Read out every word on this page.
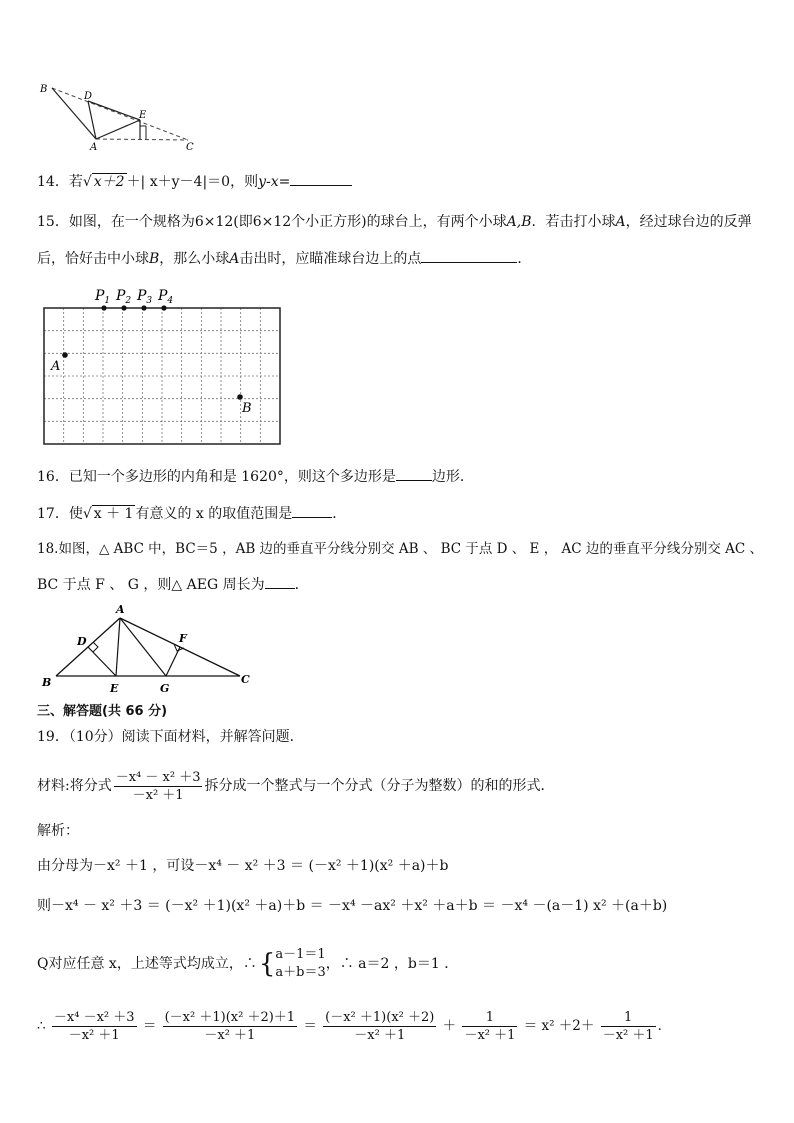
B
D
E
A	C
14．若√ x＋2 ＋| x＋y－4|＝0，则y-x=
15．如图，在一个规格为6×12(即6×12个小正方形)的球台上，有两个小球A,B．若击打小球A，经过球台边的反弹
后，恰好击中小球B，那么小球A击出时，应瞄准球台边上的点	．
$P_1$ $P_2$ $P_3$ $P_4$
A
B
16．已知一个多边形的内角和是 1620°，则这个多边形是	边形．
17．使√ x ＋ 1 有意义的 x 的取值范围是	．
18.如图，△ ABC 中，BC＝5 ，AB 边的垂直平分线分别交 AB 、 BC 于点 D 、 E ， AC 边的垂直平分线分别交 AC 、
BC 于点 F 、 G ，则△ AEG 周长为 ．
A
B	C
D
E
F
G
三、解答题(共 66 分)
19．（10分）阅读下面材料，并解答问题．
材料:将分式 $\frac{\text{－x⁴ － x² ＋3}}{\text{－x² ＋1}}$ 拆分成一个整式与一个分式（分子为整数）的和的形式．
解析：
由分母为－x² ＋1 ，可设－x⁴ － x² ＋3 ＝ (－x² ＋1)(x² ＋a)＋b
则－x⁴ － x² ＋3 ＝ (－x² ＋1)(x² ＋a)＋b ＝ －x⁴ －ax² ＋x² ＋a＋b ＝ －x⁴ －(a－1) x² ＋(a＋b)
Q对应任意 x，上述等式均成立，∴{ a－1＝1
a＋b＝3
，∴ a＝2 ，b＝1 ．
∴ $\frac{\text{－x⁴ －x² ＋3}}{\text{－x² ＋1}} = \frac{\text{(－x² ＋1)(x² ＋2)＋1}}{\text{－x² ＋1}} = \frac{\text{(－x² ＋1)(x² ＋2)}}{\text{－x² ＋1}} + \frac{1}{\text{－x² ＋1}} = x^2 +2+ \frac{1}{\text{－x² ＋1}}$ ．
